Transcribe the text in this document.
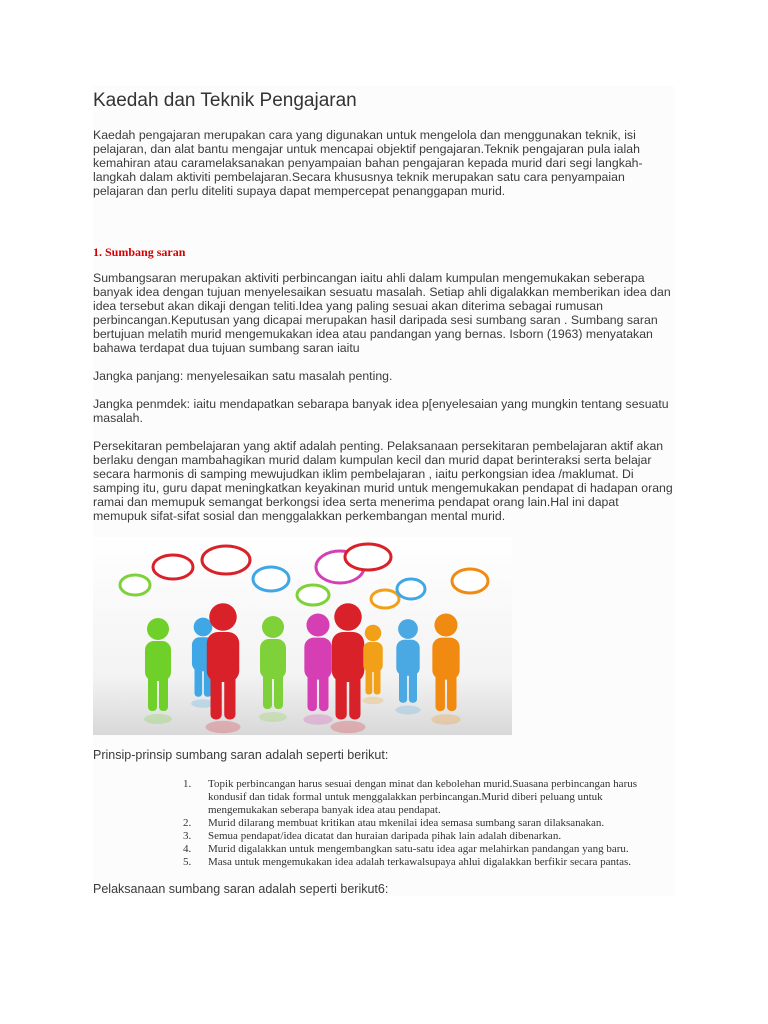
Kaedah dan Teknik Pengajaran

Kaedah pengajaran merupakan cara yang digunakan untuk mengelola dan menggunakan teknik, isi pelajaran, dan alat bantu mengajar untuk mencapai objektif pengajaran.Teknik pengajaran pula ialah kemahiran atau caramelaksanakan penyampaian bahan pengajaran kepada murid dari segi langkah-langkah dalam aktiviti pembelajaran.Secara khususnya teknik merupakan satu cara penyampaian pelajaran dan perlu diteliti supaya dapat mempercepat penanggapan murid.

1. Sumbang saran

Sumbangsaran merupakan aktiviti perbincangan iaitu ahli dalam kumpulan mengemukakan seberapa banyak idea dengan tujuan menyelesaikan sesuatu masalah. Setiap ahli digalakkan memberikan idea dan idea tersebut akan dikaji dengan teliti.Idea yang paling sesuai akan diterima sebagai rumusan perbincangan.Keputusan yang dicapai merupakan hasil daripada sesi sumbang saran . Sumbang saran bertujuan melatih murid mengemukakan idea atau pandangan yang bernas. Isborn (1963) menyatakan bahawa terdapat dua tujuan sumbang saran iaitu

Jangka panjang: menyelesaikan satu masalah penting.

Jangka penmdek: iaitu mendapatkan sebarapa banyak idea p[enyelesaian yang mungkin tentang sesuatu masalah.

Persekitaran pembelajaran yang aktif adalah penting. Pelaksanaan persekitaran pembelajaran aktif akan berlaku dengan mambahagikan murid dalam kumpulan kecil dan murid dapat berinteraksi serta belajar secara harmonis di samping mewujudkan iklim pembelajaran , iaitu perkongsian idea /maklumat. Di samping itu, guru dapat meningkatkan keyakinan murid untuk mengemukakan pendapat di hadapan orang ramai dan memupuk semangat berkongsi idea serta menerima pendapat orang lain.Hal ini dapat memupuk sifat-sifat sosial dan menggalakkan perkembangan mental murid.

Prinsip-prinsip sumbang saran adalah seperti berikut:

1. Topik perbincangan harus sesuai dengan minat dan kebolehan murid.Suasana perbincangan harus kondusif dan tidak formal untuk menggalakkan perbincangan.Murid diberi peluang untuk mengemukakan seberapa banyak idea atau pendapat.
2. Murid dilarang membuat kritikan atau mkenilai idea semasa sumbang saran dilaksanakan.
3. Semua pendapat/idea dicatat dan huraian daripada pihak lain adalah dibenarkan.
4. Murid digalakkan untuk mengembangkan satu-satu idea agar melahirkan pandangan yang baru.
5. Masa untuk mengemukakan idea adalah terkawalsupaya ahlui digalakkan berfikir secara pantas.

Pelaksanaan sumbang saran adalah seperti berikut6:
